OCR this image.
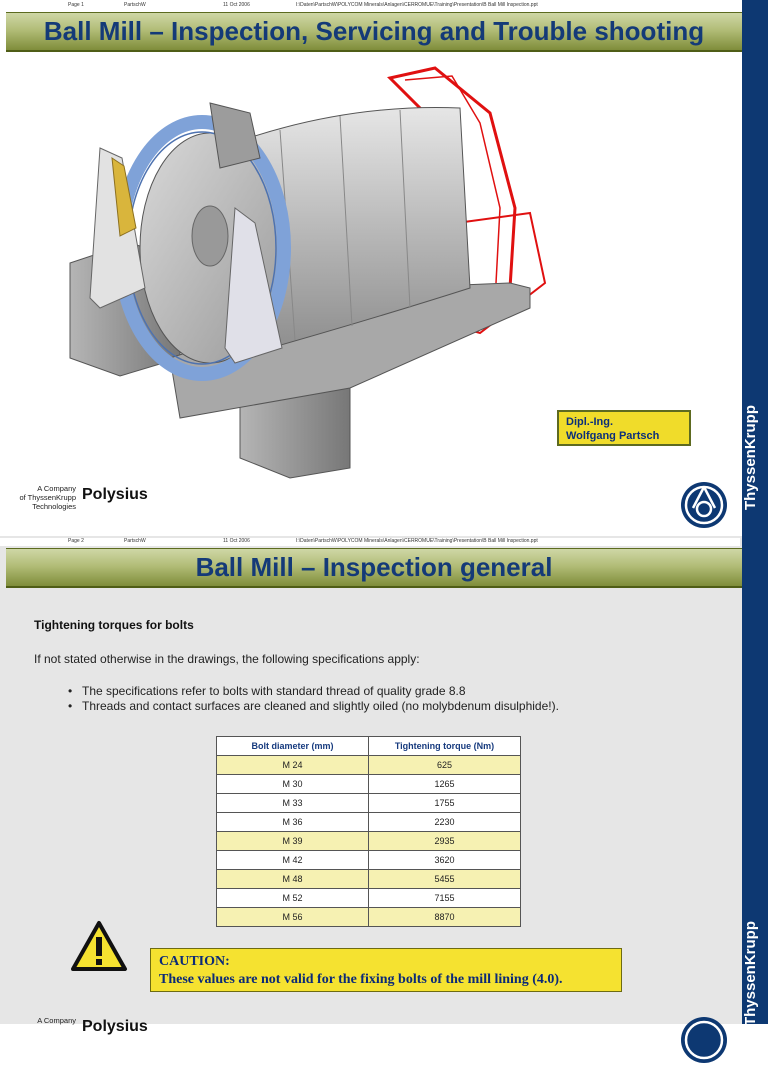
Page 1	PartschW	11 Oct 2006	I:\Daten\PartschW\POLYCOM Minerals\Anlagen\CERROMUE\Training\Presentation\B Ball Mill Inspection.ppt
Ball Mill – Inspection, Servicing and Trouble shooting
ThyssenKrupp
Dipl.-Ing.
Wolfgang Partsch
A Company
of ThyssenKrupp
Technologies
Polysius
Page 2	PartschW	11 Oct 2006	I:\Daten\PartschW\POLYCOM Minerals\Anlagen\CERROMUE\Training\Presentation\B Ball Mill Inspection.ppt
Ball Mill – Inspection general
ThyssenKrupp
Tightening torques for bolts
If not stated otherwise in the drawings, the following specifications apply:
• The specifications refer to bolts with standard thread of quality grade 8.8
• Threads and contact surfaces are cleaned and slightly oiled (no molybdenum disulphide!).
Bolt diameter (mm)	Tightening torque (Nm)
M 24	625
M 30	1265
M 33	1755
M 36	2230
M 39	2935
M 42	3620
M 48	5455
M 52	7155
M 56	8870
CAUTION:
These values are not valid for the fixing bolts of the mill lining (4.0).
A Company Polysius
